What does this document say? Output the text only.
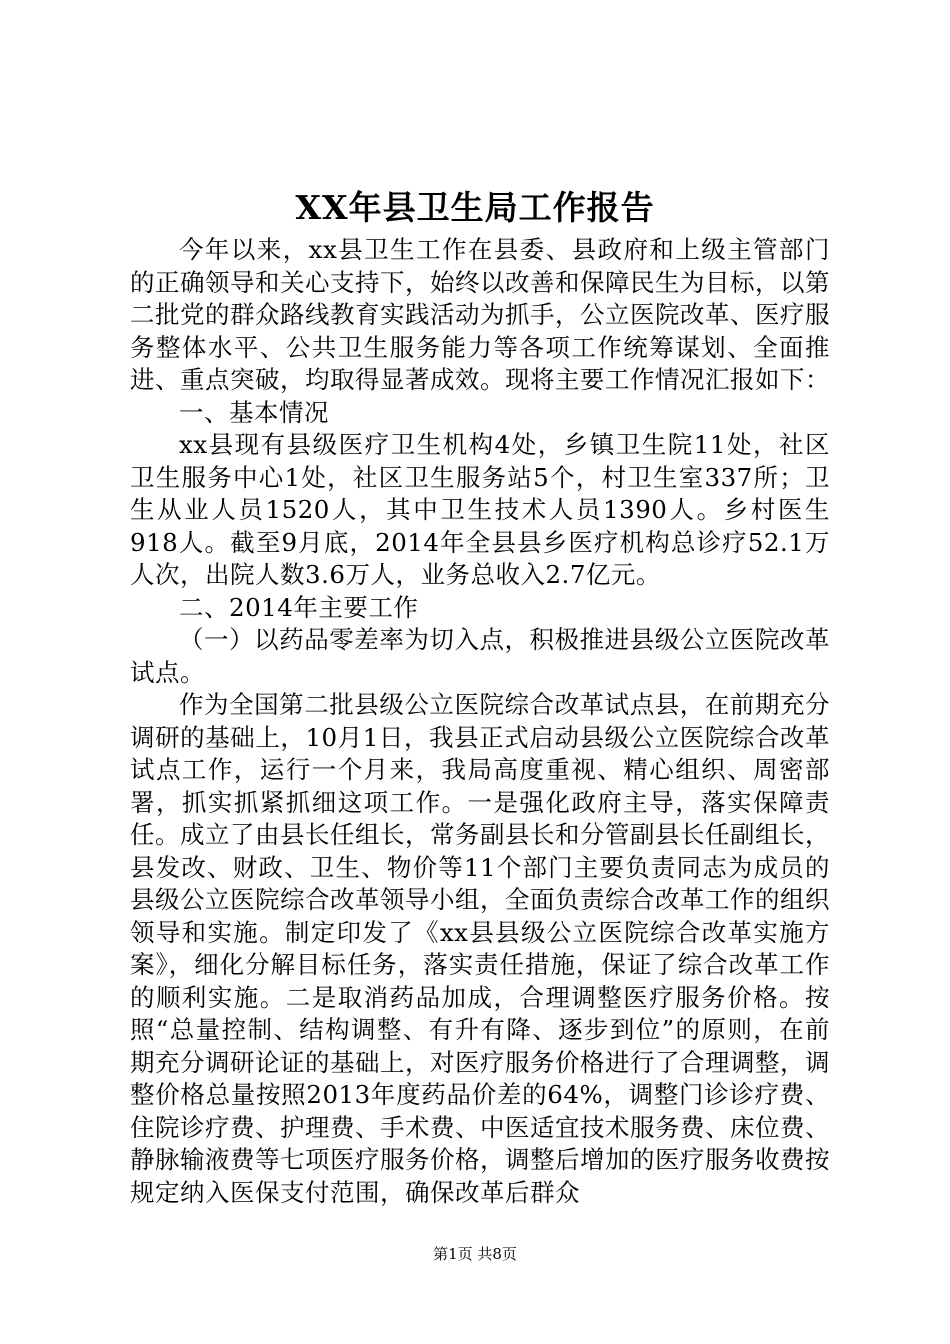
XX年县卫生局工作报告

今年以来，xx县卫生工作在县委、县政府和上级主管部门的正确领导和关心支持下，始终以改善和保障民生为目标，以第二批党的群众路线教育实践活动为抓手，公立医院改革、医疗服务整体水平、公共卫生服务能力等各项工作统筹谋划、全面推进、重点突破，均取得显著成效。现将主要工作情况汇报如下：

一、基本情况

xx县现有县级医疗卫生机构4处，乡镇卫生院11处，社区卫生服务中心1处，社区卫生服务站5个，村卫生室337所；卫生从业人员1520人，其中卫生技术人员1390人。乡村医生918人。截至9月底，2014年全县县乡医疗机构总诊疗52.1万人次，出院人数3.6万人，业务总收入2.7亿元。

二、2014年主要工作

（一）以药品零差率为切入点，积极推进县级公立医院改革试点。

作为全国第二批县级公立医院综合改革试点县，在前期充分调研的基础上，10月1日，我县正式启动县级公立医院综合改革试点工作，运行一个月来，我局高度重视、精心组织、周密部署，抓实抓紧抓细这项工作。一是强化政府主导，落实保障责任。成立了由县长任组长，常务副县长和分管副县长任副组长，县发改、财政、卫生、物价等11个部门主要负责同志为成员的县级公立医院综合改革领导小组，全面负责综合改革工作的组织领导和实施。制定印发了《xx县县级公立医院综合改革实施方案》，细化分解目标任务，落实责任措施，保证了综合改革工作的顺利实施。二是取消药品加成，合理调整医疗服务价格。按照“总量控制、结构调整、有升有降、逐步到位”的原则，在前期充分调研论证的基础上，对医疗服务价格进行了合理调整，调整价格总量按照2013年度药品价差的64%，调整门诊诊疗费、住院诊疗费、护理费、手术费、中医适宜技术服务费、床位费、静脉输液费等七项医疗服务价格，调整后增加的医疗服务收费按规定纳入医保支付范围，确保改革后群众

第1页 共8页
